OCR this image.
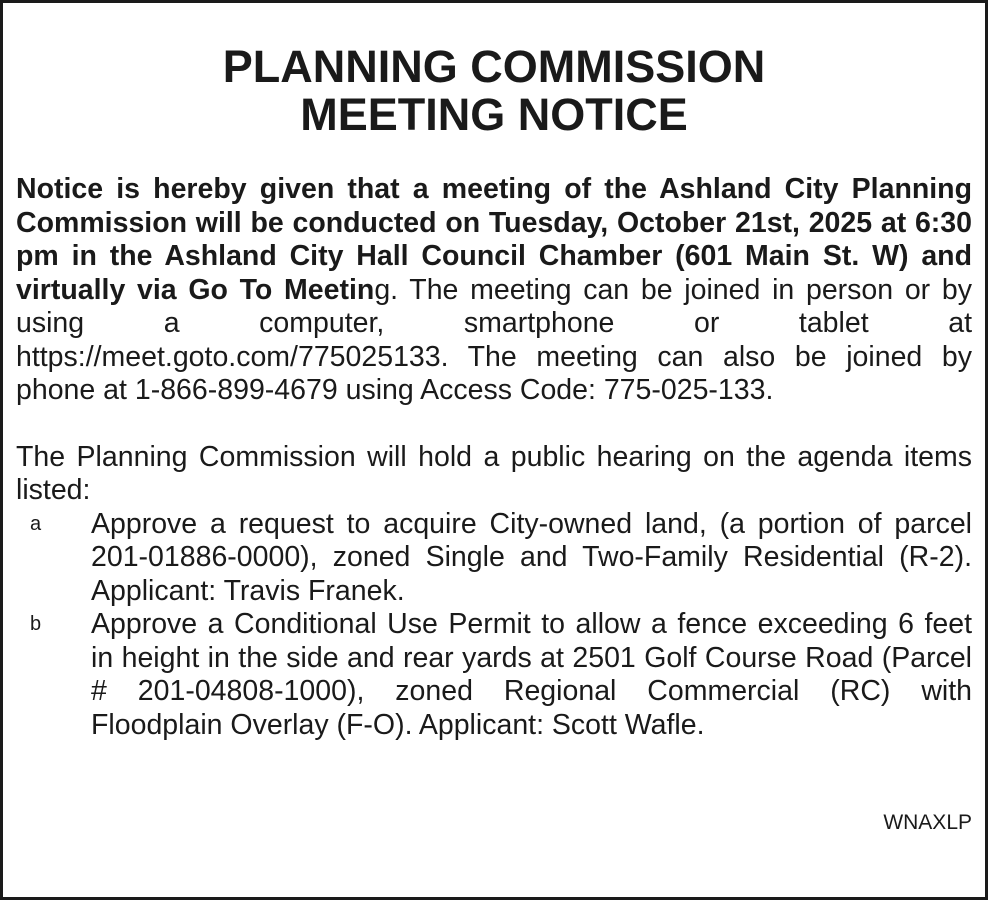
PLANNING COMMISSION
MEETING NOTICE

Notice is hereby given that a meeting of the Ashland City Planning Commission will be conducted on Tuesday, October 21st, 2025 at 6:30 pm in the Ashland City Hall Council Chamber (601 Main St. W) and virtually via Go To Meeting. The meeting can be joined in person or by using a computer, smartphone or tablet at https://meet.goto.com/775025133. The meeting can also be joined by phone at 1-866-899-4679 using Access Code: 775-025-133.

The Planning Commission will hold a public hearing on the agenda items listed:

a	Approve a request to acquire City-owned land, (a portion of parcel 201-01886-0000), zoned Single and Two-Family Residential (R-2). Applicant: Travis Franek.
b	Approve a Conditional Use Permit to allow a fence exceeding 6 feet in height in the side and rear yards at 2501 Golf Course Road (Parcel # 201-04808-1000), zoned Regional Commercial (RC) with Floodplain Overlay (F-O). Applicant: Scott Wafle.
WNAXLP
